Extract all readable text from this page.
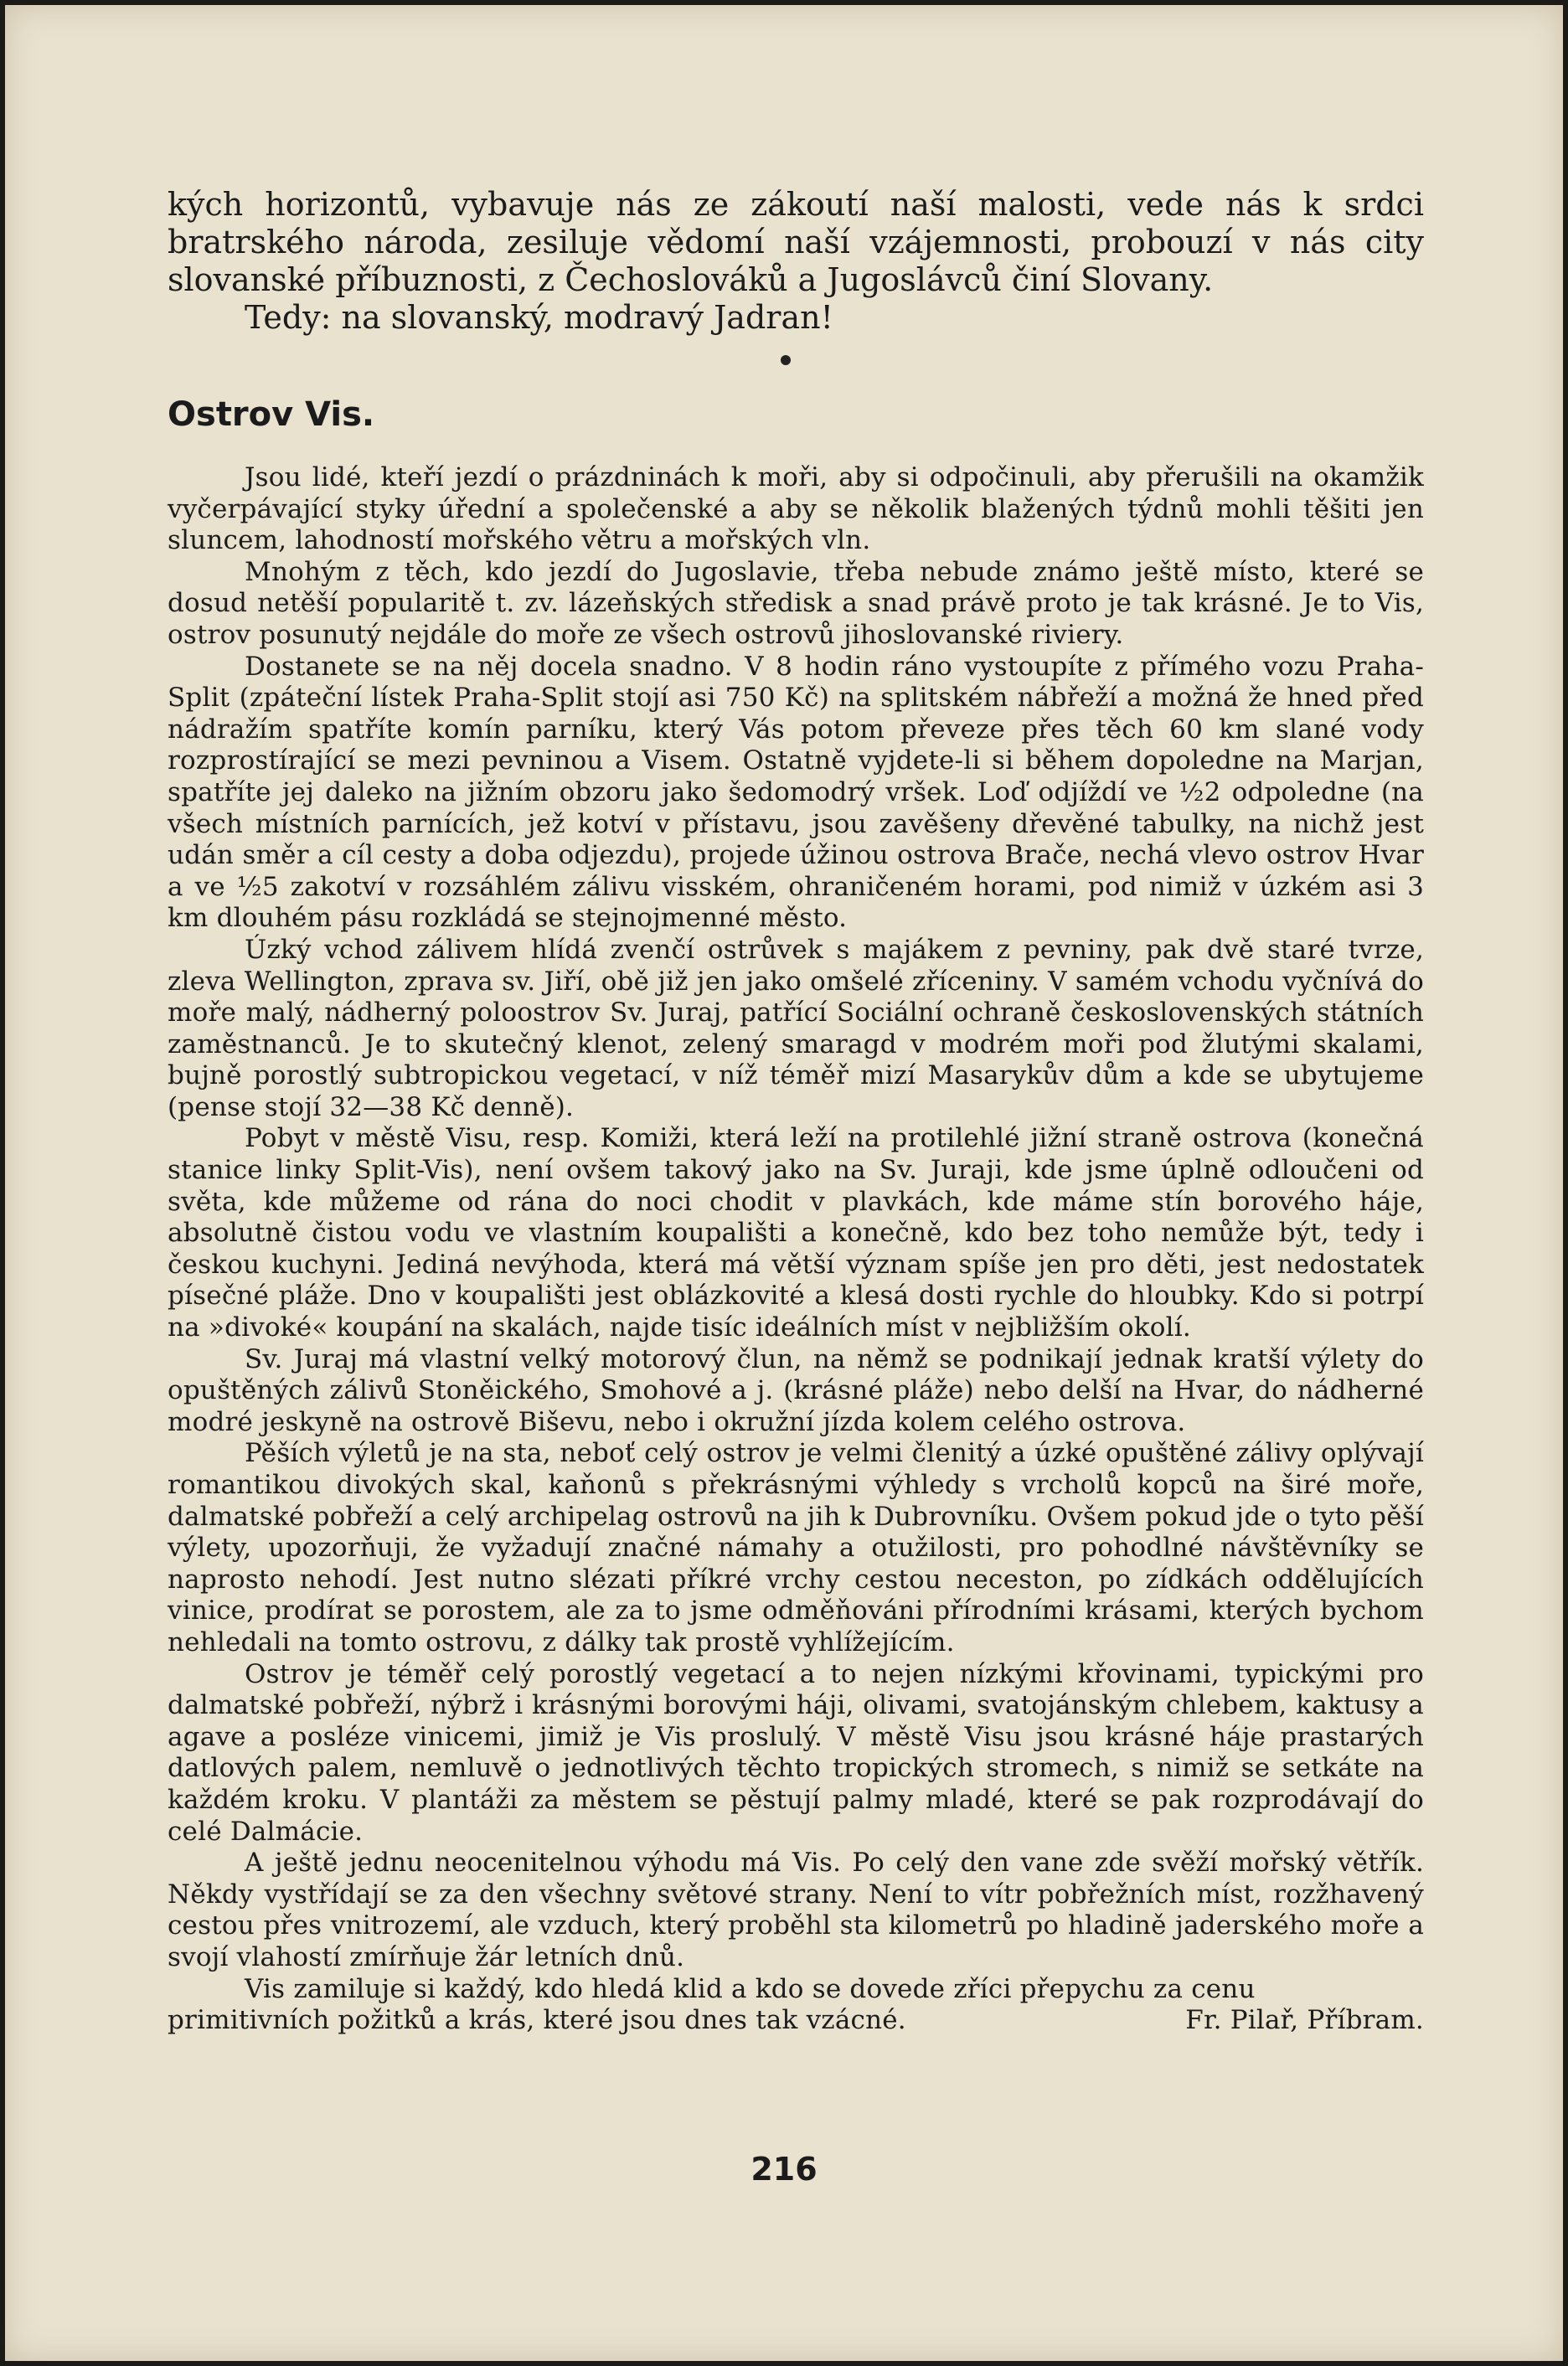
kých horizontů, vybavuje nás ze zákoutí naší malosti, vede nás k srdci bratrského národa, zesiluje vědomí naší vzájemnosti, probouzí v nás city slovanské příbuznosti, z Čechoslováků a Jugoslávců činí Slovany.

Tedy: na slovanský, modravý Jadran!

Ostrov Vis.

Jsou lidé, kteří jezdí o prázdninách k moři, aby si odpočinuli, aby přerušili na okamžik vyčerpávající styky úřední a společenské a aby se několik blažených týdnů mohli těšiti jen sluncem, lahodností mořského větru a mořských vln.

Mnohým z těch, kdo jezdí do Jugoslavie, třeba nebude známo ještě místo, které se dosud netěší popularitě t. zv. lázeňských středisk a snad právě proto je tak krásné. Je to Vis, ostrov posunutý nejdále do moře ze všech ostrovů jihoslovanské riviery.

Dostanete se na něj docela snadno. V 8 hodin ráno vystoupíte z přímého vozu Praha-Split (zpáteční lístek Praha-Split stojí asi 750 Kč) na splitském nábřeží a možná že hned před nádražím spatříte komín parníku, který Vás potom převeze přes těch 60 km slané vody rozprostírající se mezi pevninou a Visem. Ostatně vyjdete-li si během dopoledne na Marjan, spatříte jej daleko na jižním obzoru jako šedomodrý vršek. Loď odjíždí ve ½2 odpoledne (na všech místních parnících, jež kotví v přístavu, jsou zavěšeny dřevěné tabulky, na nichž jest udán směr a cíl cesty a doba odjezdu), projede úžinou ostrova Brače, nechá vlevo ostrov Hvar a ve ½5 zakotví v rozsáhlém zálivu visském, ohraničeném horami, pod nimiž v úzkém asi 3 km dlouhém pásu rozkládá se stejnojmenné město.

Úzký vchod zálivem hlídá zvenčí ostrůvek s majákem z pevniny, pak dvě staré tvrze, zleva Wellington, zprava sv. Jiří, obě již jen jako omšelé zříceniny. V samém vchodu vyčnívá do moře malý, nádherný poloostrov Sv. Juraj, patřící Sociální ochraně československých státních zaměstnanců. Je to skutečný klenot, zelený smaragd v modrém moři pod žlutými skalami, bujně porostlý subtropickou vegetací, v níž téměř mizí Masarykův dům a kde se ubytujeme (pense stojí 32—38 Kč denně).

Pobyt v městě Visu, resp. Komiži, která leží na protilehlé jižní straně ostrova (konečná stanice linky Split-Vis), není ovšem takový jako na Sv. Juraji, kde jsme úplně odloučeni od světa, kde můžeme od rána do noci chodit v plavkách, kde máme stín borového háje, absolutně čistou vodu ve vlastním koupališti a konečně, kdo bez toho nemůže být, tedy i českou kuchyni. Jediná nevýhoda, která má větší význam spíše jen pro děti, jest nedostatek písečné pláže. Dno v koupališti jest oblázkovité a klesá dosti rychle do hloubky. Kdo si potrpí na »divoké« koupání na skalách, najde tisíc ideálních míst v nejbližším okolí.

Sv. Juraj má vlastní velký motorový člun, na němž se podnikají jednak kratší výlety do opuštěných zálivů Stoněického, Smohové a j. (krásné pláže) nebo delší na Hvar, do nádherné modré jeskyně na ostrově Biševu, nebo i okružní jízda kolem celého ostrova.

Pěších výletů je na sta, neboť celý ostrov je velmi členitý a úzké opuštěné zálivy oplývají romantikou divokých skal, kaňonů s překrásnými výhledy s vrcholů kopců na širé moře, dalmatské pobřeží a celý archipelag ostrovů na jih k Dubrovníku. Ovšem pokud jde o tyto pěší výlety, upozorňuji, že vyžadují značné námahy a otužilosti, pro pohodlné návštěvníky se naprosto nehodí. Jest nutno slézati příkré vrchy cestou neceston, po zídkách oddělujících vinice, prodírat se porostem, ale za to jsme odměňováni přírodními krásami, kterých bychom nehledali na tomto ostrovu, z dálky tak prostě vyhlížejícím.

Ostrov je téměř celý porostlý vegetací a to nejen nízkými křovinami, typickými pro dalmatské pobřeží, nýbrž i krásnými borovými háji, olivami, svatojánským chlebem, kaktusy a agave a posléze vinicemi, jimiž je Vis proslulý. V městě Visu jsou krásné háje prastarých datlových palem, nemluvě o jednotlivých těchto tropických stromech, s nimiž se setkáte na každém kroku. V plantáži za městem se pěstují palmy mladé, které se pak rozprodávají do celé Dalmácie.

A ještě jednu neocenitelnou výhodu má Vis. Po celý den vane zde svěží mořský větřík. Někdy vystřídají se za den všechny světové strany. Není to vítr pobřežních míst, rozžhavený cestou přes vnitrozemí, ale vzduch, který proběhl sta kilometrů po hladině jaderského moře a svojí vlahostí zmírňuje žár letních dnů.

Vis zamiluje si každý, kdo hledá klid a kdo se dovede zříci přepychu za cenu primitivních požitků a krás, které jsou dnes tak vzácné.	Fr. Pilař, Příbram.

216
